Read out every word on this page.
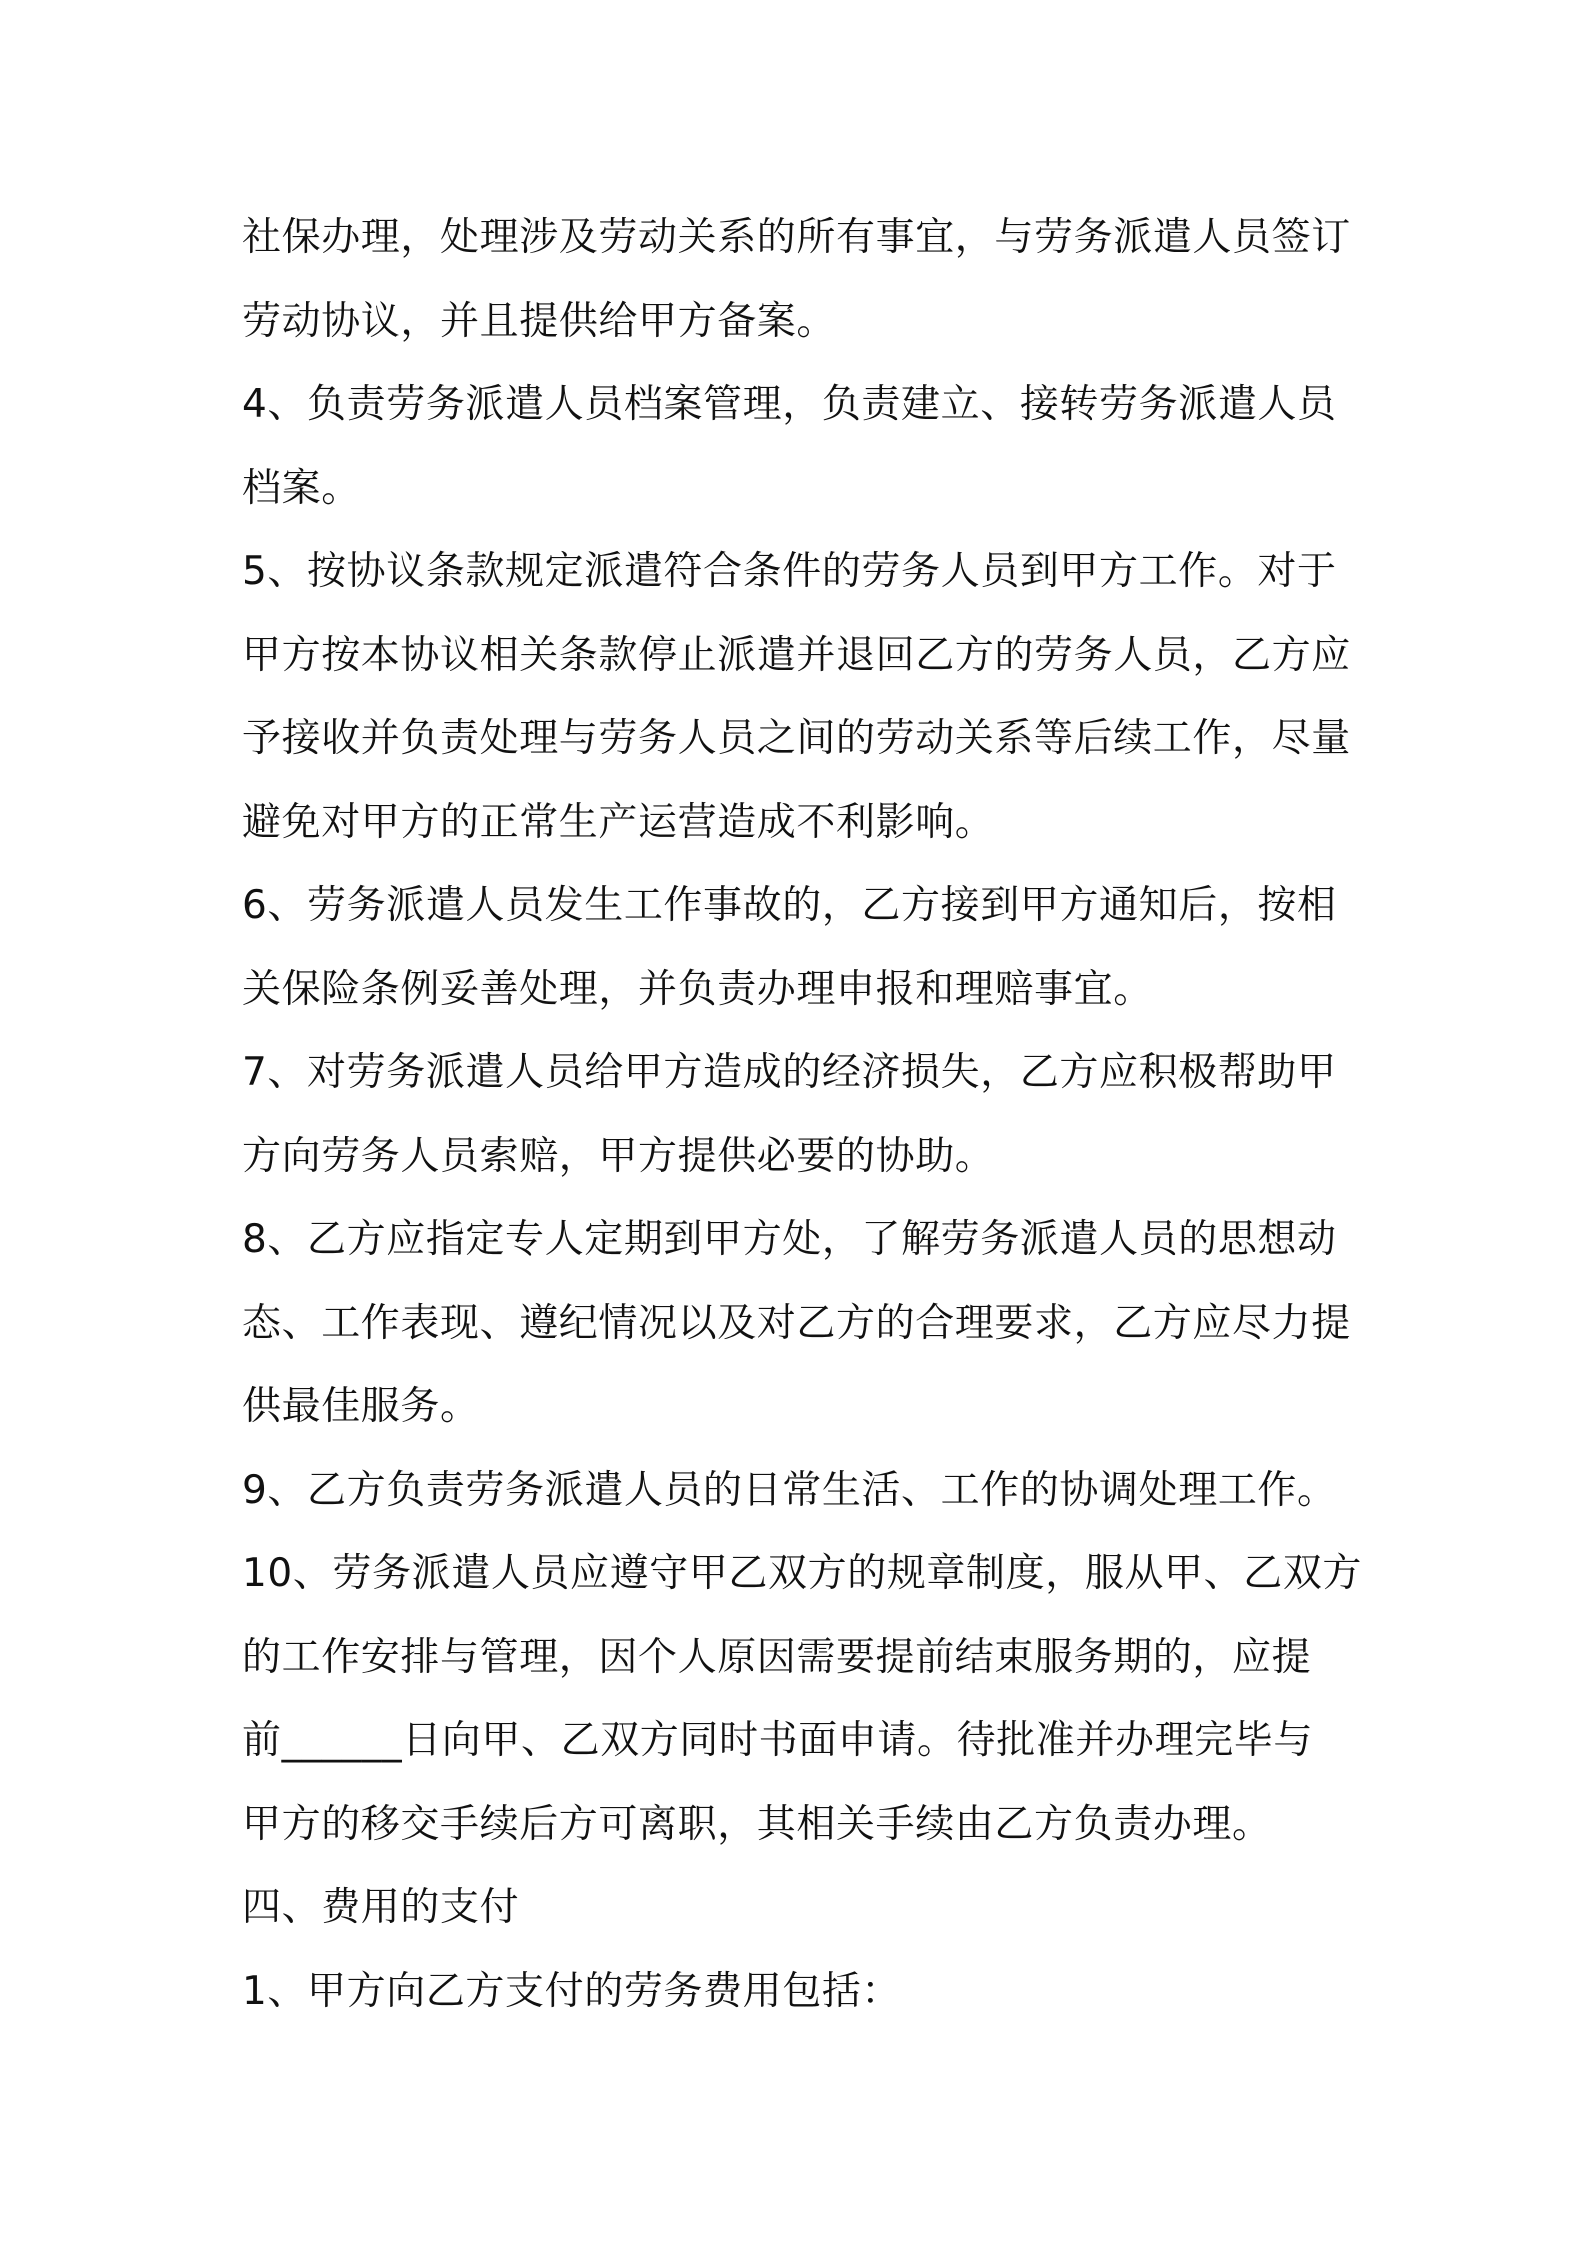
社保办理，处理涉及劳动关系的所有事宜，与劳务派遣人员签订
劳动协议，并且提供给甲方备案。

4、负责劳务派遣人员档案管理，负责建立、接转劳务派遣人员
档案。

5、按协议条款规定派遣符合条件的劳务人员到甲方工作。对于
甲方按本协议相关条款停止派遣并退回乙方的劳务人员，乙方应
予接收并负责处理与劳务人员之间的劳动关系等后续工作，尽量
避免对甲方的正常生产运营造成不利影响。

6、劳务派遣人员发生工作事故的，乙方接到甲方通知后，按相
关保险条例妥善处理，并负责办理申报和理赔事宜。

7、对劳务派遣人员给甲方造成的经济损失，乙方应积极帮助甲
方向劳务人员索赔，甲方提供必要的协助。

8、乙方应指定专人定期到甲方处，了解劳务派遣人员的思想动
态、工作表现、遵纪情况以及对乙方的合理要求，乙方应尽力提
供最佳服务。

9、乙方负责劳务派遣人员的日常生活、工作的协调处理工作。

10、劳务派遣人员应遵守甲乙双方的规章制度，服从甲、乙双方
的工作安排与管理，因个人原因需要提前结束服务期的，应提
前______日向甲、乙双方同时书面申请。待批准并办理完毕与
甲方的移交手续后方可离职，其相关手续由乙方负责办理。

四、费用的支付

1、甲方向乙方支付的劳务费用包括：
